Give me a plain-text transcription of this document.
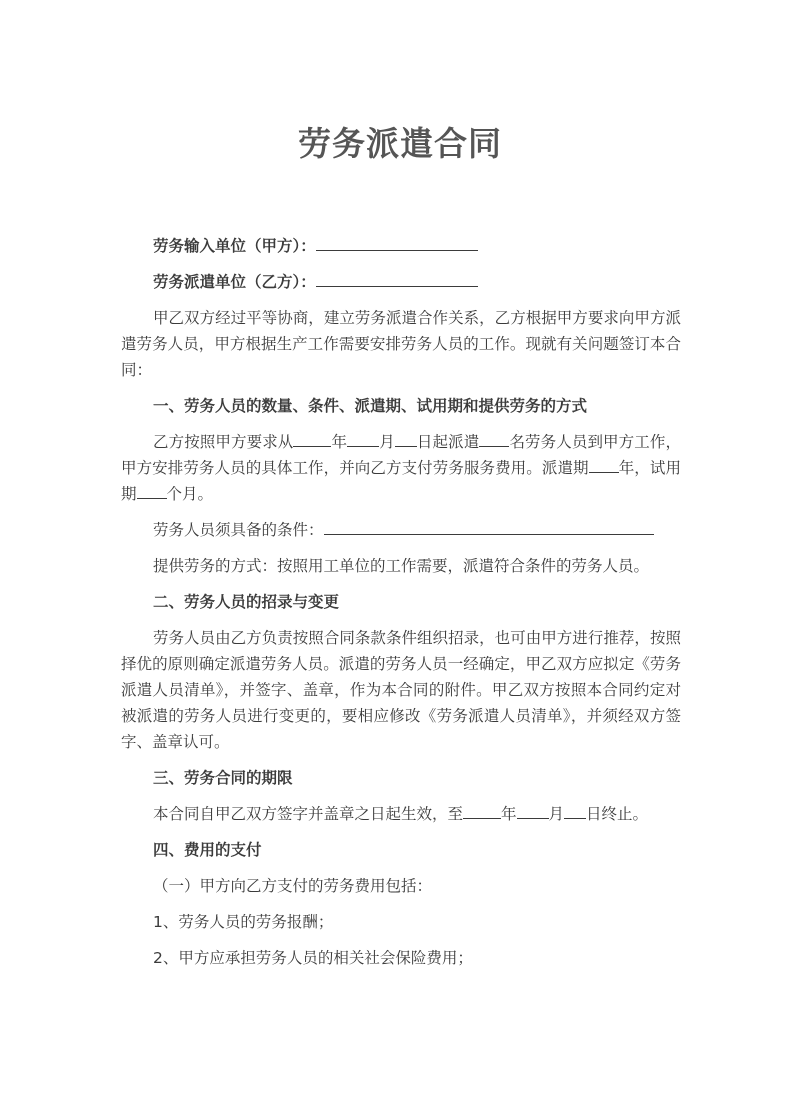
劳务派遣合同

劳务输入单位（甲方）：

劳务派遣单位（乙方）：

甲乙双方经过平等协商，建立劳务派遣合作关系，乙方根据甲方要求向甲方派遣劳务人员，甲方根据生产工作需要安排劳务人员的工作。现就有关问题签订本合同：

一、劳务人员的数量、条件、派遣期、试用期和提供劳务的方式

乙方按照甲方要求从 年 月 日起派遣 名劳务人员到甲方工作，甲方安排劳务人员的具体工作，并向乙方支付劳务服务费用。派遣期 年，试用期 个月。

劳务人员须具备的条件：

提供劳务的方式：按照用工单位的工作需要，派遣符合条件的劳务人员。

二、劳务人员的招录与变更

劳务人员由乙方负责按照合同条款条件组织招录，也可由甲方进行推荐，按照择优的原则确定派遣劳务人员。派遣的劳务人员一经确定，甲乙双方应拟定《劳务派遣人员清单》，并签字、盖章，作为本合同的附件。甲乙双方按照本合同约定对被派遣的劳务人员进行变更的，要相应修改《劳务派遣人员清单》，并须经双方签字、盖章认可。

三、劳务合同的期限

本合同自甲乙双方签字并盖章之日起生效，至 年 月 日终止。

四、费用的支付

（一）甲方向乙方支付的劳务费用包括：

1、劳务人员的劳务报酬；

2、甲方应承担劳务人员的相关社会保险费用；
